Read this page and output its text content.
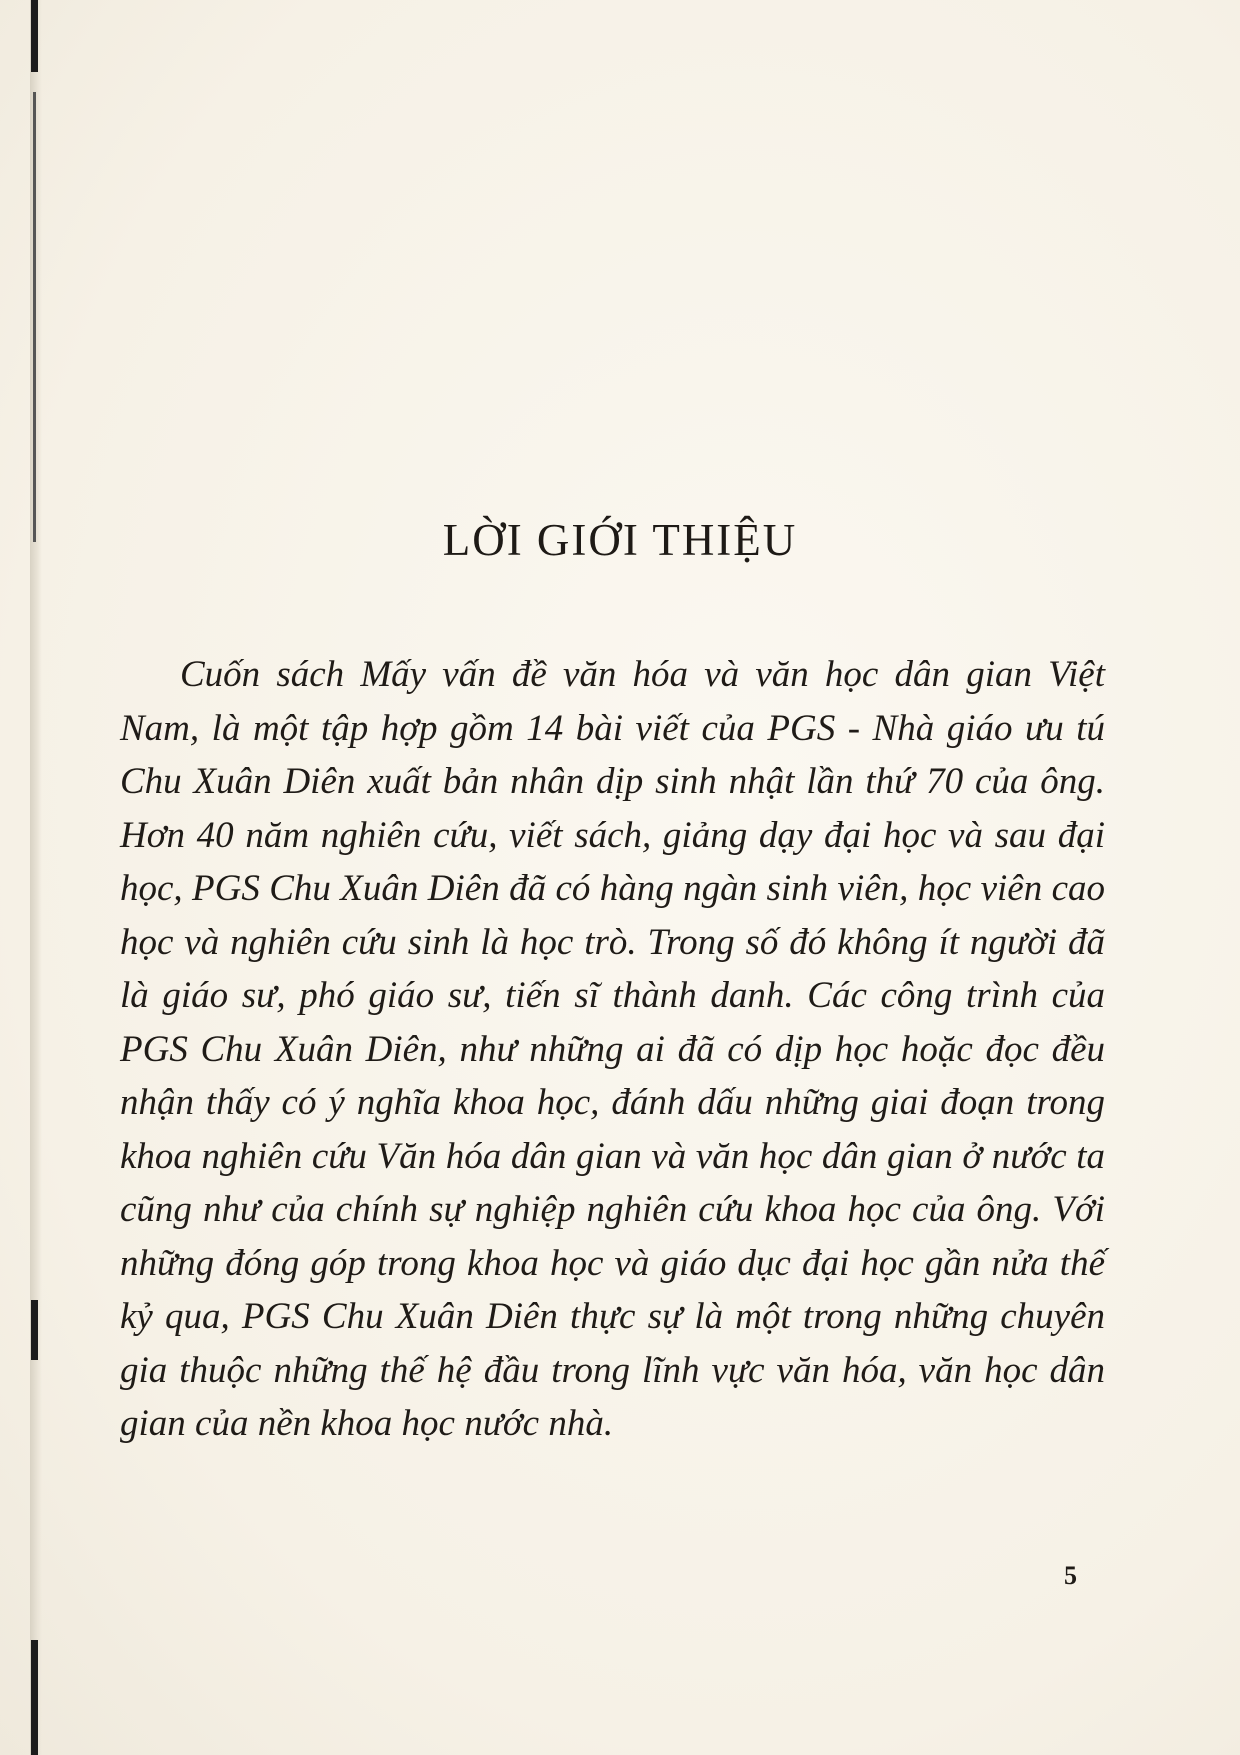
LỜI GIỚI THIỆU

Cuốn sách Mấy vấn đề văn hóa và văn học dân gian Việt Nam, là một tập hợp gồm 14 bài viết của PGS - Nhà giáo ưu tú Chu Xuân Diên xuất bản nhân dịp sinh nhật lần thứ 70 của ông. Hơn 40 năm nghiên cứu, viết sách, giảng dạy đại học và sau đại học, PGS Chu Xuân Diên đã có hàng ngàn sinh viên, học viên cao học và nghiên cứu sinh là học trò. Trong số đó không ít người đã là giáo sư, phó giáo sư, tiến sĩ thành danh. Các công trình của PGS Chu Xuân Diên, như những ai đã có dịp học hoặc đọc đều nhận thấy có ý nghĩa khoa học, đánh dấu những giai đoạn trong khoa nghiên cứu Văn hóa dân gian và văn học dân gian ở nước ta cũng như của chính sự nghiệp nghiên cứu khoa học của ông. Với những đóng góp trong khoa học và giáo dục đại học gần nửa thế kỷ qua, PGS Chu Xuân Diên thực sự là một trong những chuyên gia thuộc những thế hệ đầu trong lĩnh vực văn hóa, văn học dân gian của nền khoa học nước nhà.

5
